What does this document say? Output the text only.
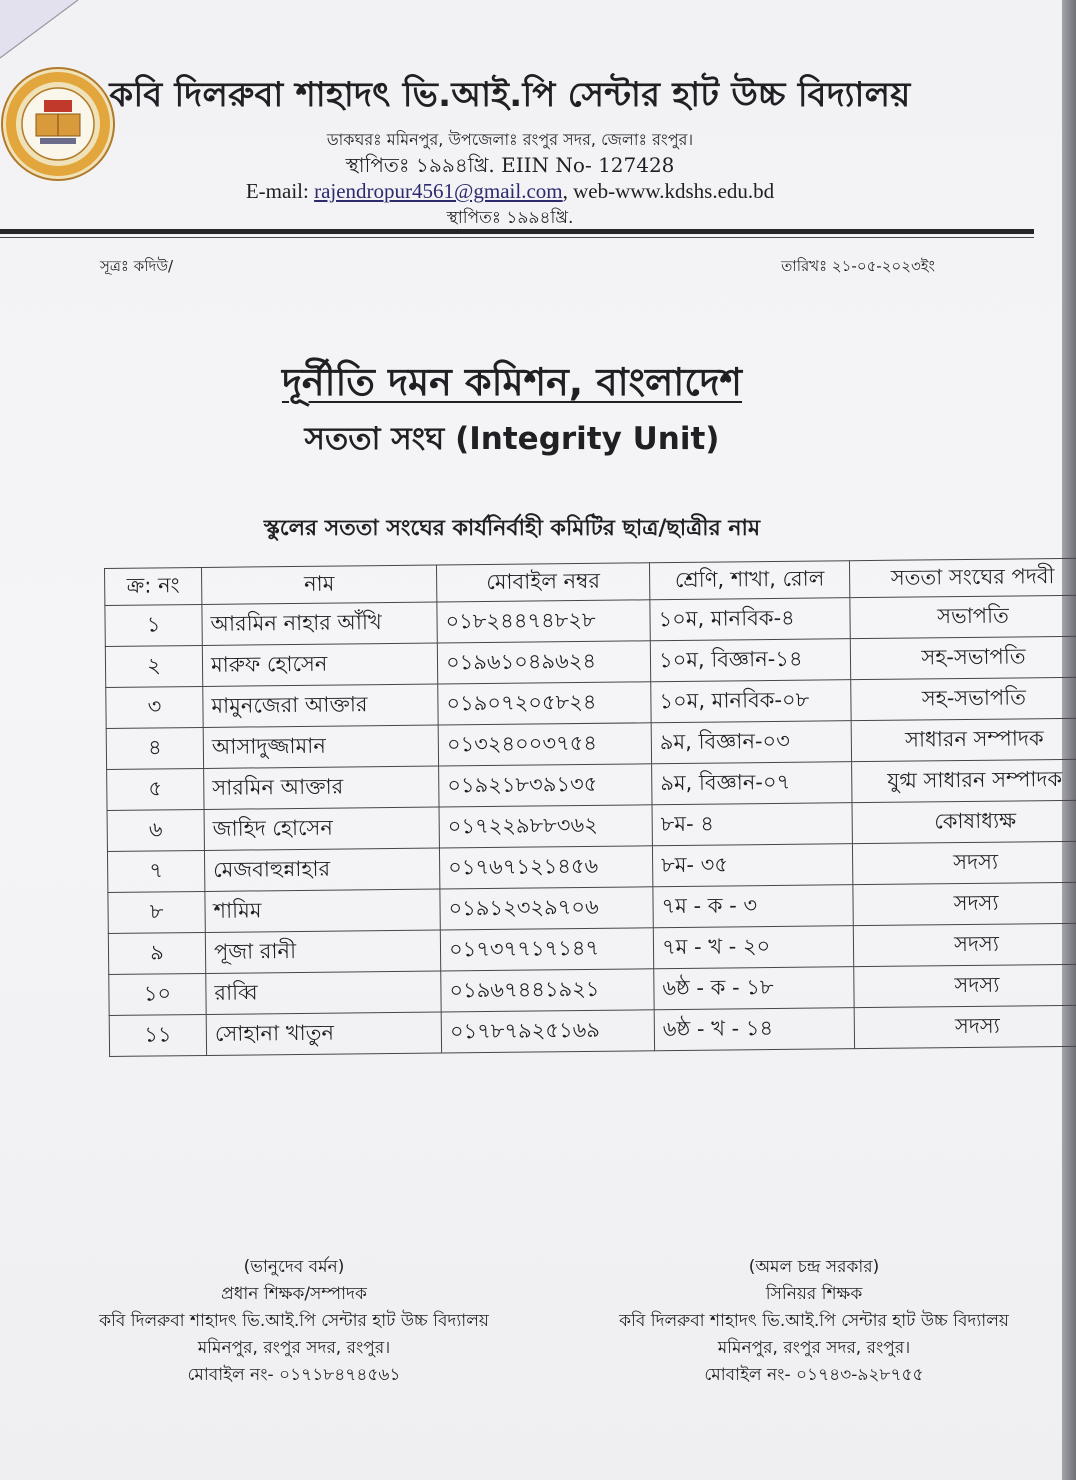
কবি দিলরুবা শাহাদৎ ভি.আই.পি সেন্টার হাট উচ্চ বিদ্যালয়
ডাকঘরঃ মমিনপুর, উপজেলাঃ রংপুর সদর, জেলাঃ রংপুর।
স্থাপিতঃ ১৯৯৪খ্রি. EIIN No- 127428
E-mail: rajendropur4561@gmail.com, web-www.kdshs.edu.bd
স্থাপিতঃ ১৯৯৪খ্রি.
সূত্রঃ কদিউ/	তারিখঃ ২১-০৫-২০২৩ইং
দূর্নীতি দমন কমিশন, বাংলাদেশ
সততা সংঘ (Integrity Unit)
স্কুলের সততা সংঘের কার্যনির্বাহী কমিটির ছাত্র/ছাত্রীর নাম
ক্র: নং	নাম	মোবাইল নম্বর	শ্রেণি, শাখা, রোল	সততা সংঘের পদবী
১	আরমিন নাহার আঁখি	০১৮২৪৪৭৪৮২৮	১০ম, মানবিক-৪	সভাপতি
২	মারুফ হোসেন	০১৯৬১০৪৯৬২৪	১০ম, বিজ্ঞান-১৪	সহ-সভাপতি
৩	মামুনজেরা আক্তার	০১৯০৭২০৫৮২৪	১০ম, মানবিক-০৮	সহ-সভাপতি
৪	আসাদুজ্জামান	০১৩২৪০০৩৭৫৪	৯ম, বিজ্ঞান-০৩	সাধারন সম্পাদক
৫	সারমিন আক্তার	০১৯২১৮৩৯১৩৫	৯ম, বিজ্ঞান-০৭	যুগ্ম সাধারন সম্পাদক
৬	জাহিদ হোসেন	০১৭২২৯৮৮৩৬২	৮ম- ৪	কোষাধ্যক্ষ
৭	মেজবাহুন্নাহার	০১৭৬৭১২১৪৫৬	৮ম- ৩৫	সদস্য
৮	শামিম	০১৯১২৩২৯৭০৬	৭ম - ক - ৩	সদস্য
৯	পূজা রানী	০১৭৩৭৭১৭১৪৭	৭ম - খ - ২০	সদস্য
১০	রাব্বি	০১৯৬৭৪৪১৯২১	৬ষ্ঠ - ক - ১৮	সদস্য
১১	সোহানা খাতুন	০১৭৮৭৯২৫১৬৯	৬ষ্ঠ - খ - ১৪	সদস্য
(ভানুদেব বর্মন)
প্রধান শিক্ষক/সম্পাদক
কবি দিলরুবা শাহাদৎ ভি.আই.পি সেন্টার হাট উচ্চ বিদ্যালয়
মমিনপুর, রংপুর সদর, রংপুর।
মোবাইল নং- ০১৭১৮৪৭৪৫৬১
(অমল চন্দ্র সরকার)
সিনিয়র শিক্ষক
কবি দিলরুবা শাহাদৎ ভি.আই.পি সেন্টার হাট উচ্চ বিদ্যালয়
মমিনপুর, রংপুর সদর, রংপুর।
মোবাইল নং- ০১৭৪৩-৯২৮৭৫৫
